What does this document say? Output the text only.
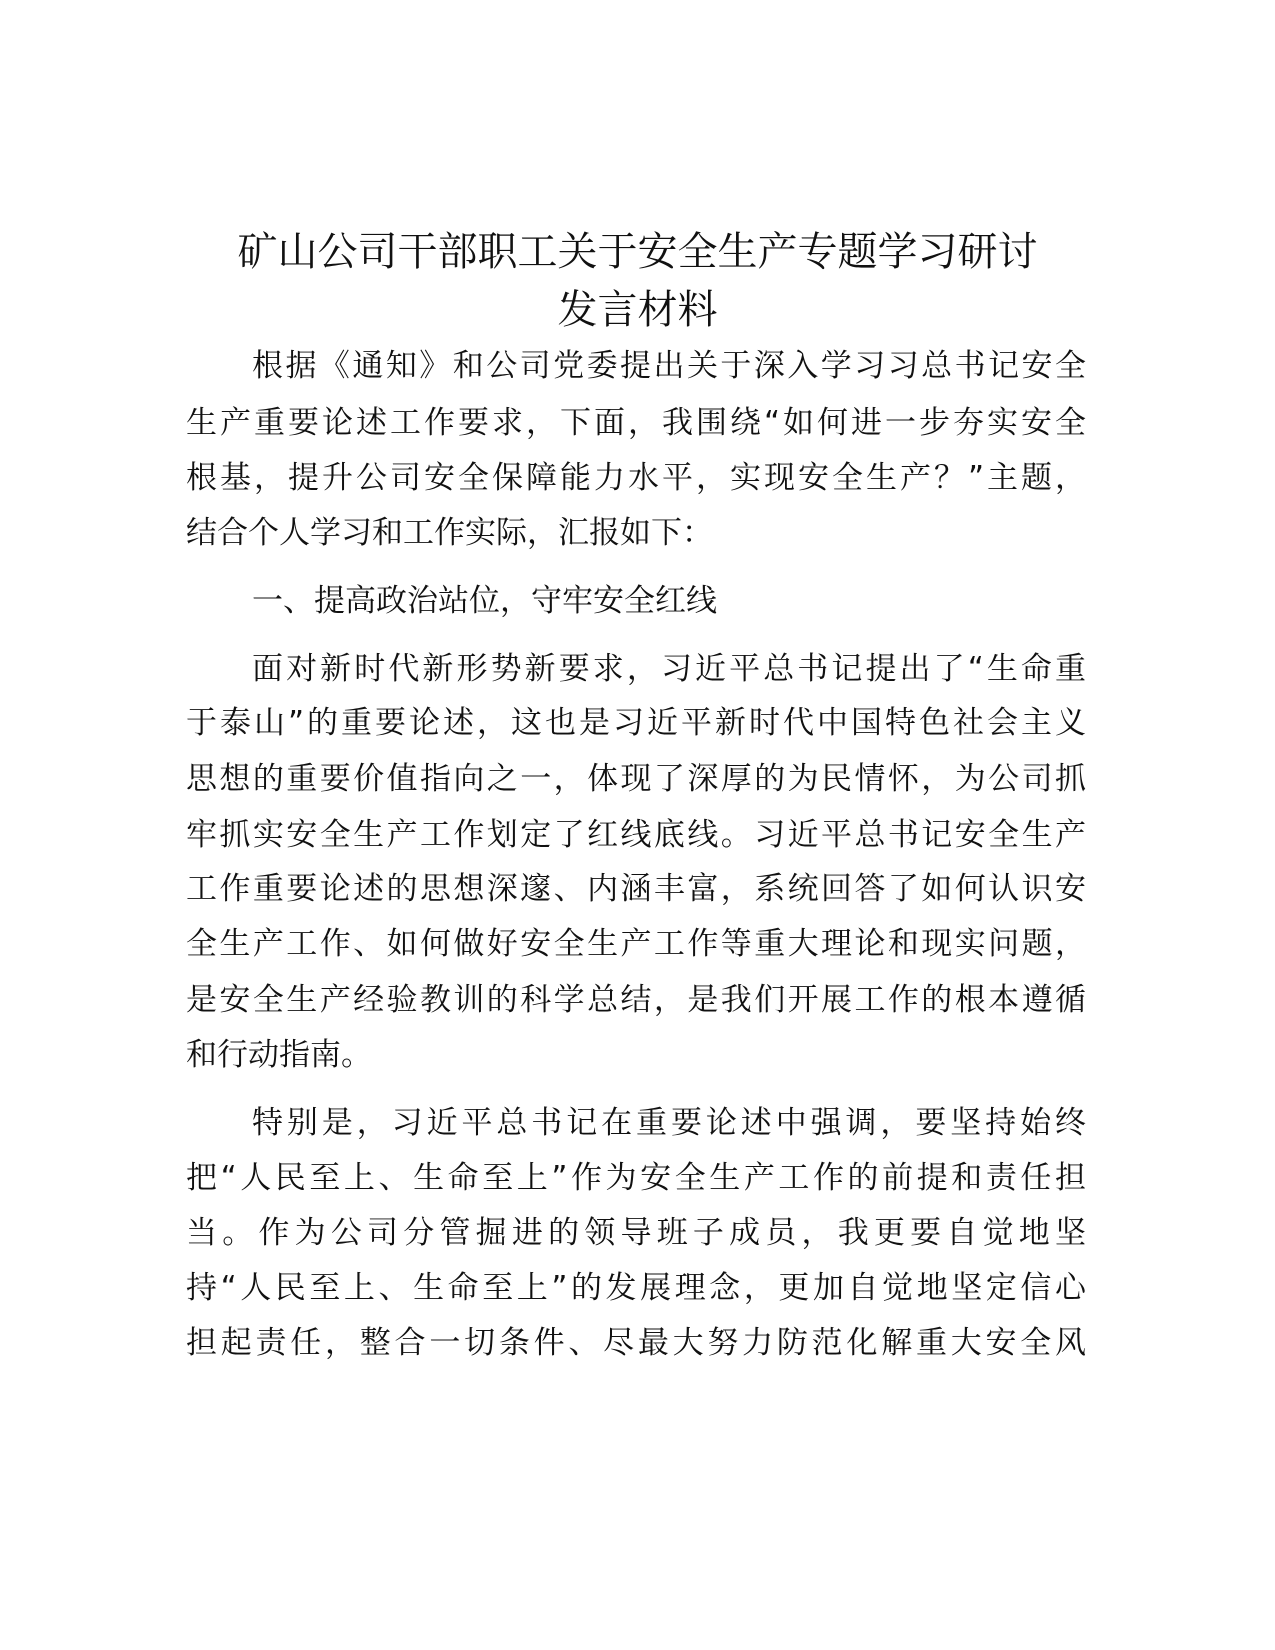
矿山公司干部职工关于安全生产专题学习研讨
发言材料
根据《通知》和公司党委提出关于深入学习习总书记安全
生产重要论述工作要求，下面，我围绕“如何进一步夯实安全
根基，提升公司安全保障能力水平，实现安全生产？”主题，
结合个人学习和工作实际，汇报如下：
一、提高政治站位，守牢安全红线
面对新时代新形势新要求，习近平总书记提出了“生命重
于泰山”的重要论述，这也是习近平新时代中国特色社会主义
思想的重要价值指向之一，体现了深厚的为民情怀，为公司抓
牢抓实安全生产工作划定了红线底线。习近平总书记安全生产
工作重要论述的思想深邃、内涵丰富，系统回答了如何认识安
全生产工作、如何做好安全生产工作等重大理论和现实问题，
是安全生产经验教训的科学总结，是我们开展工作的根本遵循
和行动指南。
特别是，习近平总书记在重要论述中强调，要坚持始终
把“人民至上、生命至上”作为安全生产工作的前提和责任担
当。作为公司分管掘进的领导班子成员，我更要自觉地坚
持“人民至上、生命至上”的发展理念，更加自觉地坚定信心
担起责任，整合一切条件、尽最大努力防范化解重大安全风
